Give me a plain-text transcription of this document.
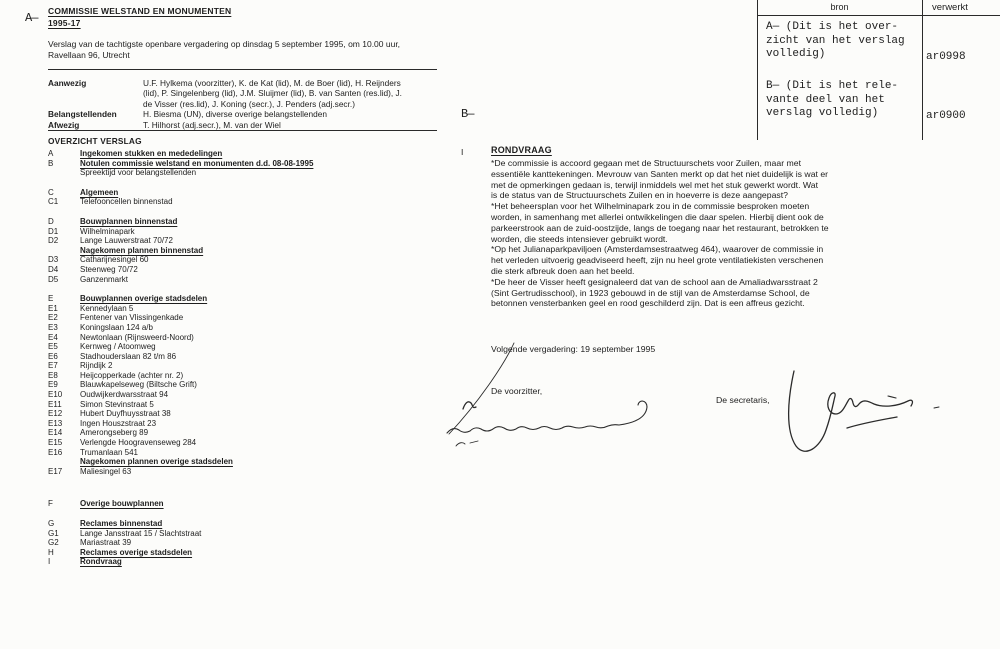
A—
B—
COMMISSIE WELSTAND EN MONUMENTEN
1995-17
Verslag van de tachtigste openbare vergadering op dinsdag 5 september 1995, om 10.00 uur,
Ravellaan 96, Utrecht
Aanwezig	U.F. Hylkema (voorzitter), K. de Kat (lid), M. de Boer (lid), H. Reijnders
(lid), P. Singelenberg (lid), J.M. Sluijmer (lid), B. van Santen (res.lid), J.
de Visser (res.lid), J. Koning (secr.), J. Penders (adj.secr.)
Belangstellenden	H. Biesma (UN), diverse overige belangstellenden
Afwezig	T. Hilhorst (adj.secr.), M. van der Wiel
OVERZICHT VERSLAG
A	Ingekomen stukken en mededelingen
B	Notulen commissie welstand en monumenten d.d. 08-08-1995
Spreektijd voor belangstellenden
C	Algemeen
C1	Telefooncellen binnenstad
D	Bouwplannen binnenstad
D1	Wilhelminapark
D2	Lange Lauwerstraat 70/72
Nagekomen plannen binnenstad
D3	Catharijnesingel 60
D4	Steenweg 70/72
D5	Ganzenmarkt
E	Bouwplannen overige stadsdelen
E1	Kennedylaan 5
E2	Fentener van Vlissingenkade
E3	Koningslaan 124 a/b
E4	Newtonlaan (Rijnsweerd-Noord)
E5	Kernweg / Atoomweg
E6	Stadhouderslaan 82 t/m 86
E7	Rijndijk 2
E8	Heijcopperkade (achter nr. 2)
E9	Blauwkapelseweg (Biltsche Grift)
E10	Oudwijkerdwarsstraat 94
E11	Simon Stevinstraat 5
E12	Hubert Duyfhuysstraat 38
E13	Ingen Houszstraat 23
E14	Amerongseberg 89
E15	Verlengde Hoogravenseweg 284
E16	Trumanlaan 541
Nagekomen plannen overige stadsdelen
E17	Maliesingel 63
F	Overige bouwplannen
G	Reclames binnenstad
G1	Lange Jansstraat 15 / Slachtstraat
G2	Mariastraat 39
H	Reclames overige stadsdelen
I	Rondvraag
bron	verwerkt
A— (Dit is het over-
zicht van het verslag
volledig)	ar0998
B— (Dit is het rele-
vante deel van het
verslag volledig)	ar0900
I	RONDVRAAG
*De commissie is accoord gegaan met de Structuurschets voor Zuilen, maar met
essentiële kanttekeningen. Mevrouw van Santen merkt op dat het niet duidelijk is wat er
met de opmerkingen gedaan is, terwijl inmiddels wel met het stuk gewerkt wordt. Wat
is de status van de Structuurschets Zuilen en in hoeverre is deze aangepast?
*Het beheersplan voor het Wilhelminapark zou in de commissie besproken moeten
worden, in samenhang met allerlei ontwikkelingen die daar spelen. Hierbij dient ook de
parkeerstrook aan de zuid-oostzijde, langs de toegang naar het restaurant, betrokken te
worden, die steeds intensiever gebruikt wordt.
*Op het Julianaparkpaviljoen (Amsterdamsestraatweg 464), waarover de commissie in
het verleden uitvoerig geadviseerd heeft, zijn nu heel grote ventilatiekisten verschenen
die sterk afbreuk doen aan het beeld.
*De heer de Visser heeft gesignaleerd dat van de school aan de Amaliadwarsstraat 2
(Sint Gertrudisschool), in 1923 gebouwd in de stijl van de Amsterdamse School, de
betonnen vensterbanken geel en rood geschilderd zijn. Dat is een affreus gezicht.
Volgende vergadering: 19 september 1995
De voorzitter,
De secretaris,
